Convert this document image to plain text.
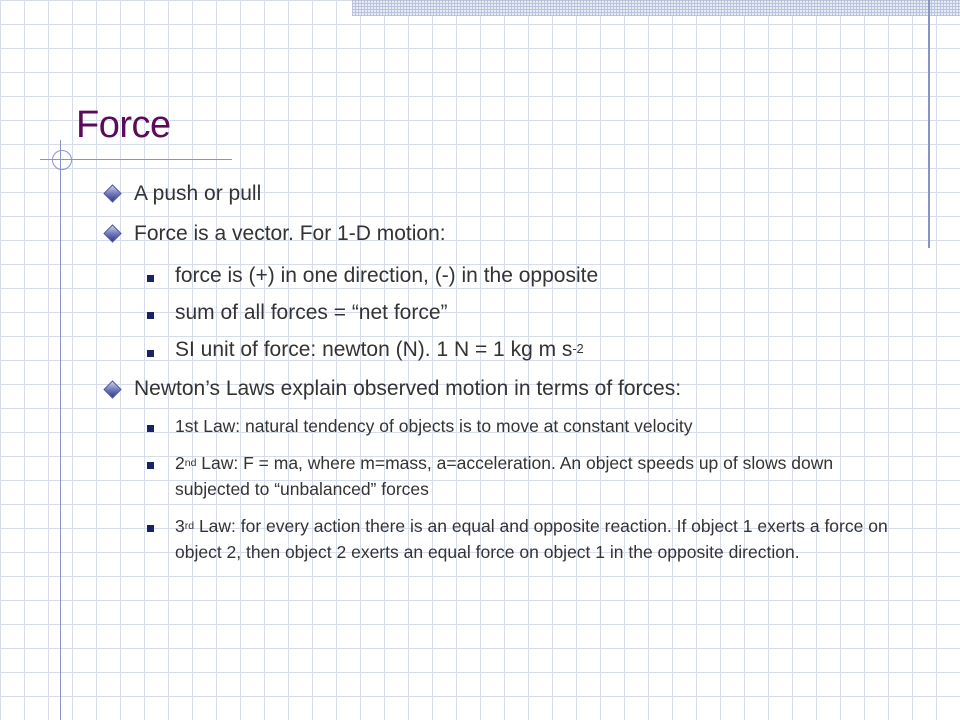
Force
A push or pull
Force is a vector. For 1-D motion:
force is (+) in one direction, (-) in the opposite
sum of all forces = “net force”
SI unit of force: newton (N). 1 N = 1 kg m $s^{-2}$
Newton’s Laws explain observed motion in terms of forces:
1st Law: natural tendency of objects is to move at constant velocity
2nd Law: F = ma, where m=mass, a=acceleration. An object speeds up of slows down subjected to “unbalanced” forces
3rd Law: for every action there is an equal and opposite reaction. If object 1 exerts a force on object 2, then object 2 exerts an equal force on object 1 in the opposite direction.
